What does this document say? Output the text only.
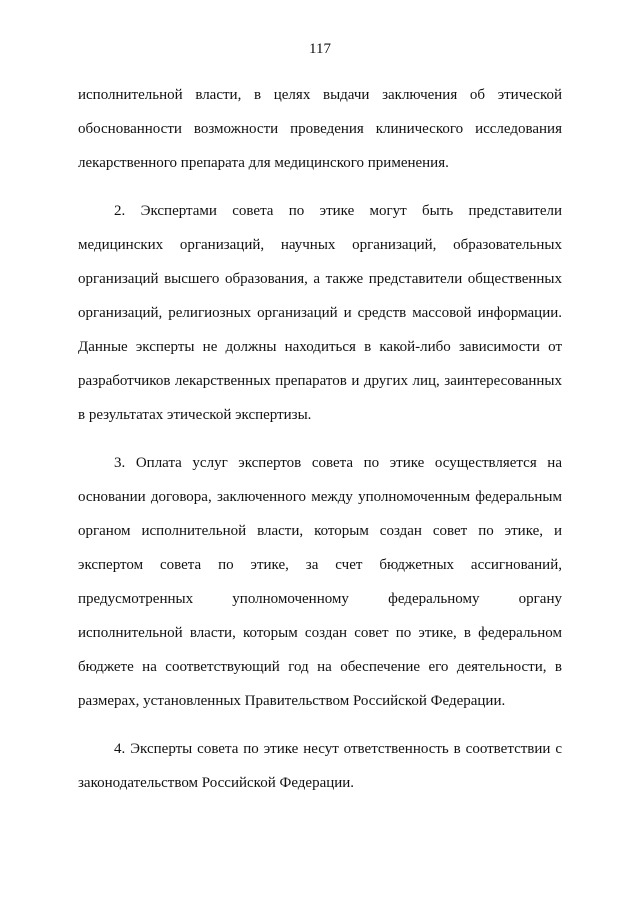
117

исполнительной власти, в целях выдачи заключения об этической
обоснованности возможности проведения клинического исследования
лекарственного препарата для медицинского применения.

2. Экспертами совета по этике могут быть представители
медицинских организаций, научных организаций, образовательных
организаций высшего образования, а также представители общественных
организаций, религиозных организаций и средств массовой информации.
Данные эксперты не должны находиться в какой-либо зависимости от
разработчиков лекарственных препаратов и других лиц, заинтересованных
в результатах этической экспертизы.

3. Оплата услуг экспертов совета по этике осуществляется на
основании договора, заключенного между уполномоченным федеральным
органом исполнительной власти, которым создан совет по этике, и
экспертом совета по этике, за счет бюджетных ассигнований,
предусмотренных уполномоченному федеральному органу
исполнительной власти, которым создан совет по этике, в федеральном
бюджете на соответствующий год на обеспечение его деятельности, в
размерах, установленных Правительством Российской Федерации.

4. Эксперты совета по этике несут ответственность в соответствии с
законодательством Российской Федерации.
